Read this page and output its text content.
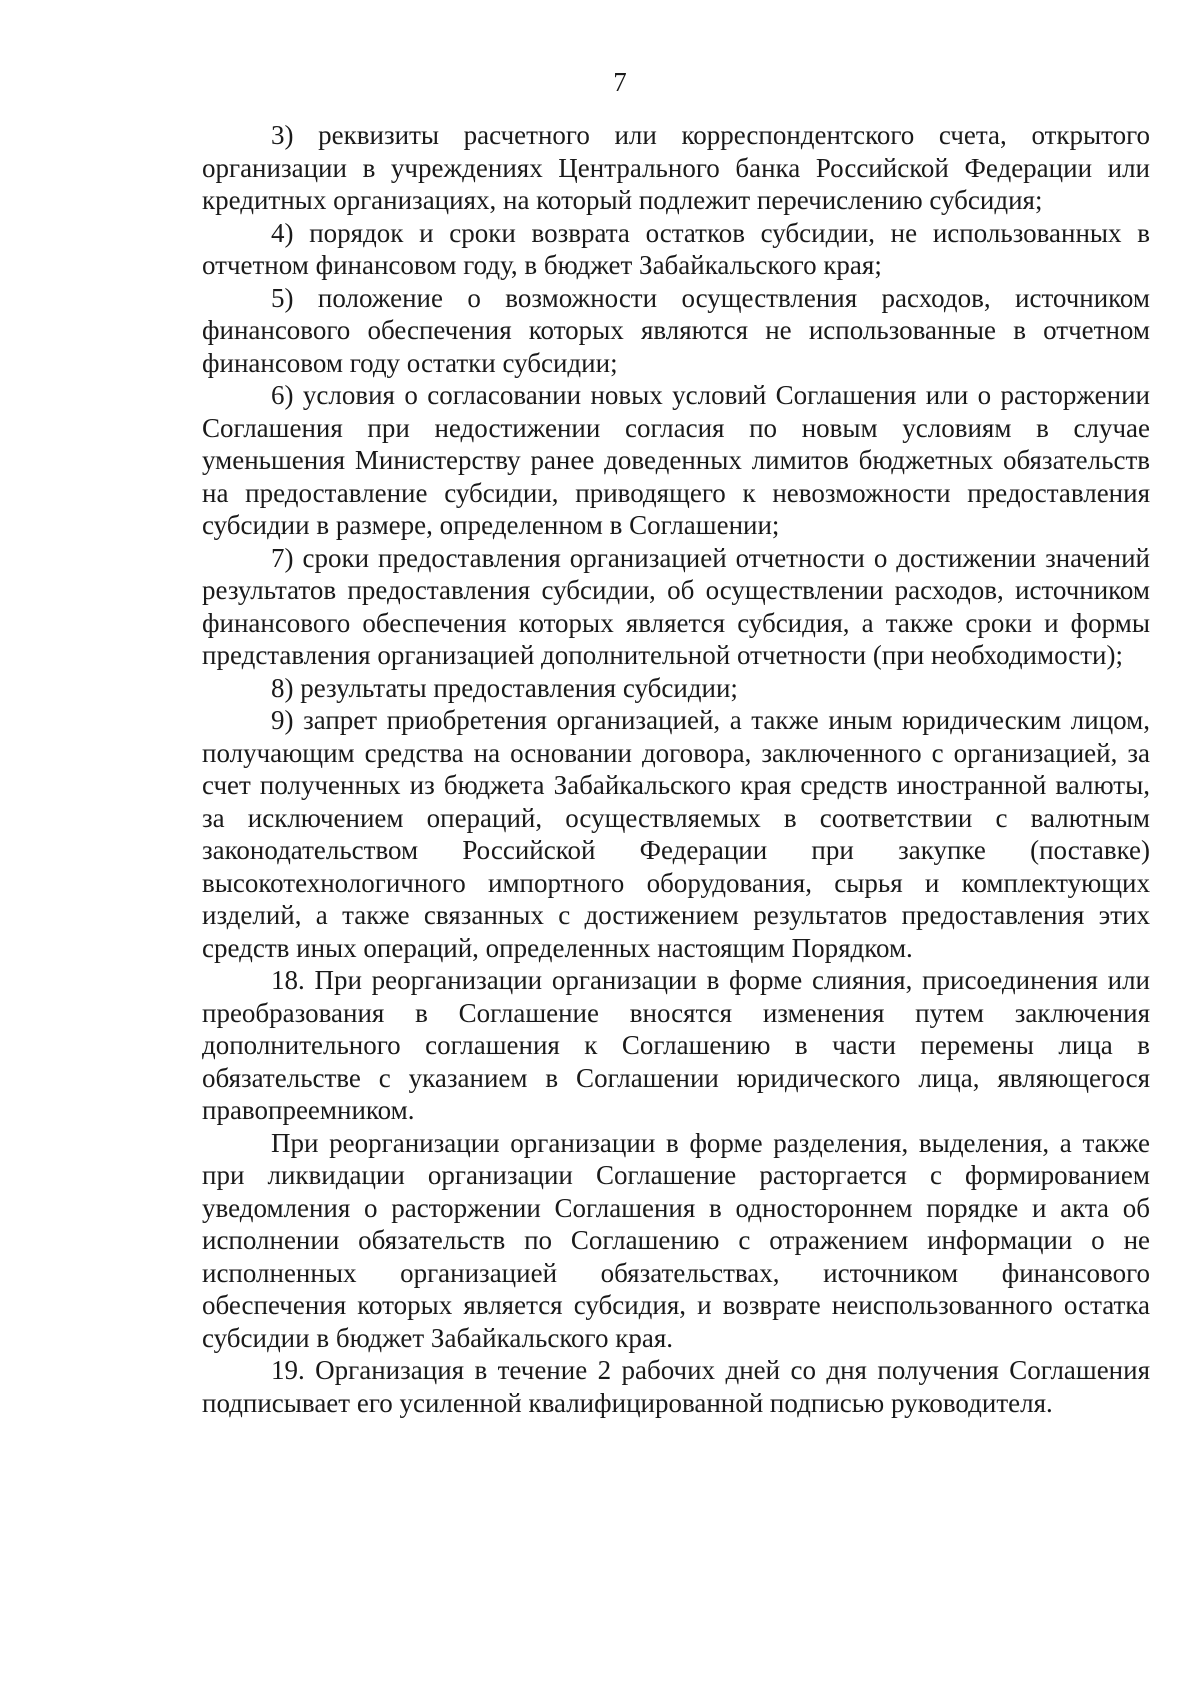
7

3) реквизиты расчетного или корреспондентского счета, открытого организации в учреждениях Центрального банка Российской Федерации или кредитных организациях, на который подлежит перечислению субсидия;

4) порядок и сроки возврата остатков субсидии, не использованных в отчетном финансовом году, в бюджет Забайкальского края;

5) положение о возможности осуществления расходов, источником финансового обеспечения которых являются не использованные в отчетном финансовом году остатки субсидии;

6) условия о согласовании новых условий Соглашения или о расторжении Соглашения при недостижении согласия по новым условиям в случае уменьшения Министерству ранее доведенных лимитов бюджетных обязательств на предоставление субсидии, приводящего к невозможности предоставления субсидии в размере, определенном в Соглашении;

7) сроки предоставления организацией отчетности о достижении значений результатов предоставления субсидии, об осуществлении расходов, источником финансового обеспечения которых является субсидия, а также сроки и формы представления организацией дополнительной отчетности (при необходимости);

8) результаты предоставления субсидии;

9) запрет приобретения организацией, а также иным юридическим лицом, получающим средства на основании договора, заключенного с организацией, за счет полученных из бюджета Забайкальского края средств иностранной валюты, за исключением операций, осуществляемых в соответствии с валютным законодательством Российской Федерации при закупке (поставке) высокотехнологичного импортного оборудования, сырья и комплектующих изделий, а также связанных с достижением результатов предоставления этих средств иных операций, определенных настоящим Порядком.

18. При реорганизации организации в форме слияния, присоединения или преобразования в Соглашение вносятся изменения путем заключения дополнительного соглашения к Соглашению в части перемены лица в обязательстве с указанием в Соглашении юридического лица, являющегося правопреемником.

При реорганизации организации в форме разделения, выделения, а также при ликвидации организации Соглашение расторгается с формированием уведомления о расторжении Соглашения в одностороннем порядке и акта об исполнении обязательств по Соглашению с отражением информации о не исполненных организацией обязательствах, источником финансового обеспечения которых является субсидия, и возврате неиспользованного остатка субсидии в бюджет Забайкальского края.

19. Организация в течение 2 рабочих дней со дня получения Соглашения подписывает его усиленной квалифицированной подписью руководителя.
